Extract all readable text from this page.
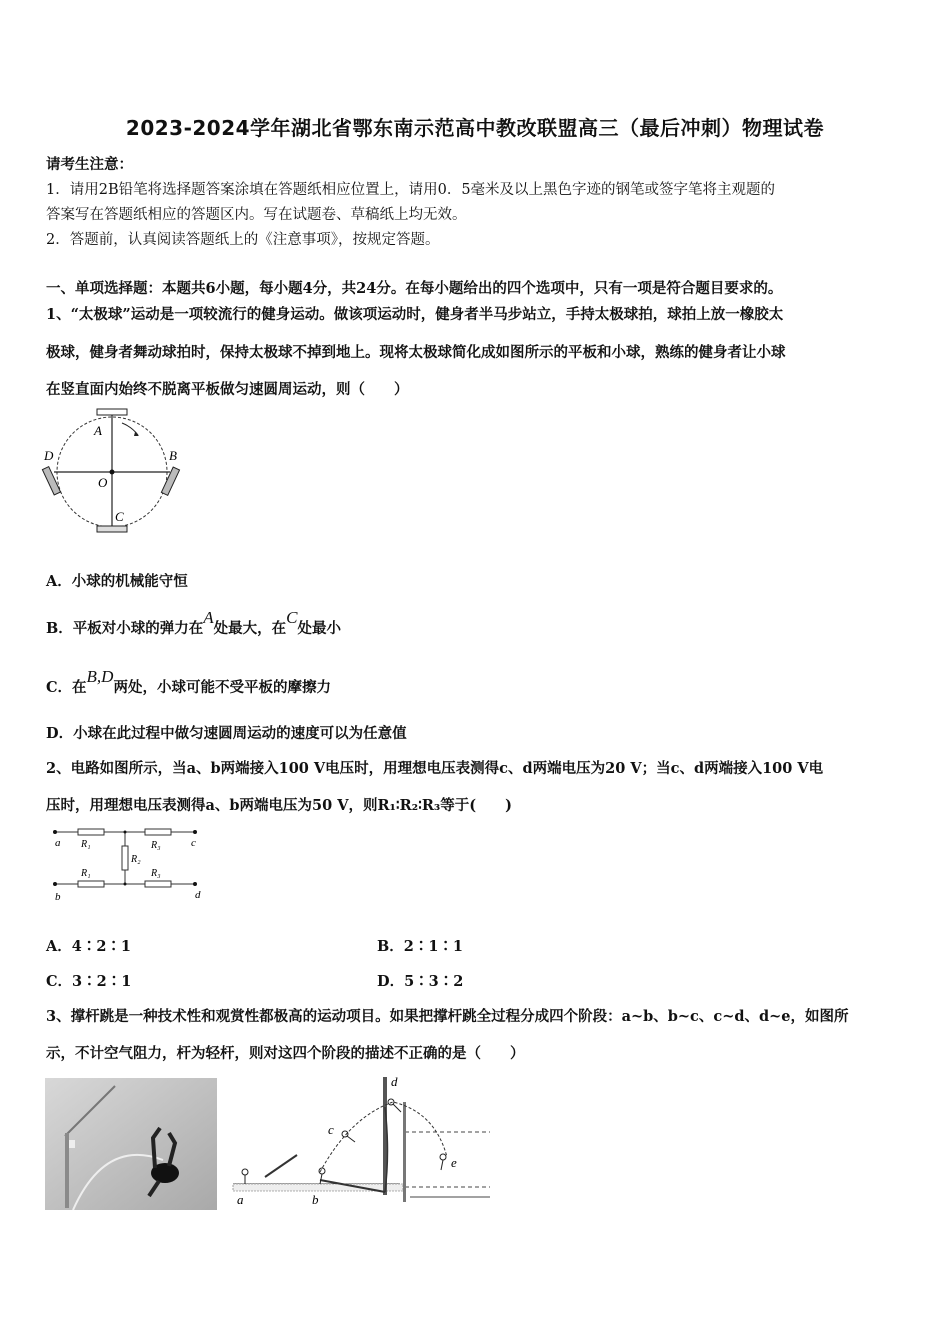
2023-2024学年湖北省鄂东南示范高中教改联盟高三（最后冲刺）物理试卷
请考生注意：
1．请用2B铅笔将选择题答案涂填在答题纸相应位置上，请用0．5毫米及以上黑色字迹的钢笔或签字笔将主观题的
答案写在答题纸相应的答题区内。写在试题卷、草稿纸上均无效。
2．答题前，认真阅读答题纸上的《注意事项》，按规定答题。
一、单项选择题：本题共6小题，每小题4分，共24分。在每小题给出的四个选项中，只有一项是符合题目要求的。
1、“太极球”运动是一项较流行的健身运动。做该项运动时，健身者半马步站立，手持太极球拍，球拍上放一橡胶太
极球，健身者舞动球拍时，保持太极球不掉到地上。现将太极球简化成如图所示的平板和小球，熟练的健身者让小球
在竖直面内始终不脱离平板做匀速圆周运动，则（　　）
A
B
C
D
O
A．小球的机械能守恒
B．平板对小球的弹力在A处最大，在C处最小
C．在B,D两处，小球可能不受平板的摩擦力
D．小球在此过程中做匀速圆周运动的速度可以为任意值
2、电路如图所示，当a、b两端接入100 V电压时，用理想电压表测得c、d两端电压为20 V；当c、d两端接入100 V电
压时，用理想电压表测得a、b两端电压为50 V，则R₁∶R₂∶R₃等于(　　)
a
b
c
d
R₁	R₃
R₁	R₃
R₂
A．4∶2∶1	B．2∶1∶1
C．3∶2∶1	D．5∶3∶2
3、撑杆跳是一种技术性和观赏性都极高的运动项目。如果把撑杆跳全过程分成四个阶段：a~b、b~c、c~d、d~e，如图所
示，不计空气阻力，杆为轻杆，则对这四个阶段的描述不正确的是（　　）
a	b
c
d
e
